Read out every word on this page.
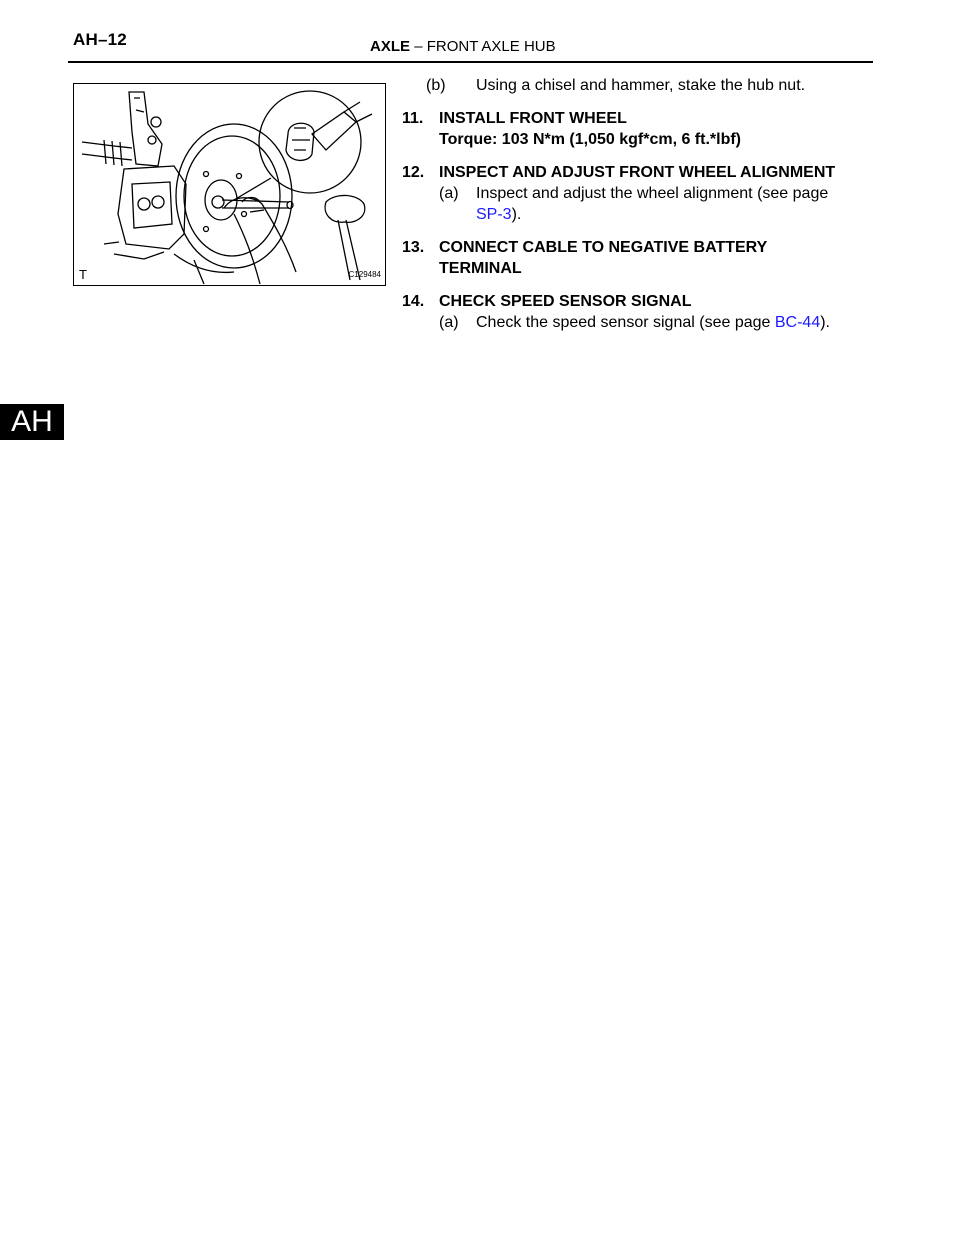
AH–12	AXLE – FRONT AXLE HUB
AH
T	C129484
(b)	Using a chisel and hammer, stake the hub nut.
11. INSTALL FRONT WHEEL
Torque: 103 N*m (1,050 kgf*cm, 6 ft.*lbf)
12. INSPECT AND ADJUST FRONT WHEEL ALIGNMENT
(a) Inspect and adjust the wheel alignment (see page
SP-3).
13. CONNECT CABLE TO NEGATIVE BATTERY
TERMINAL
14. CHECK SPEED SENSOR SIGNAL
(a) Check the speed sensor signal (see page BC-44).
